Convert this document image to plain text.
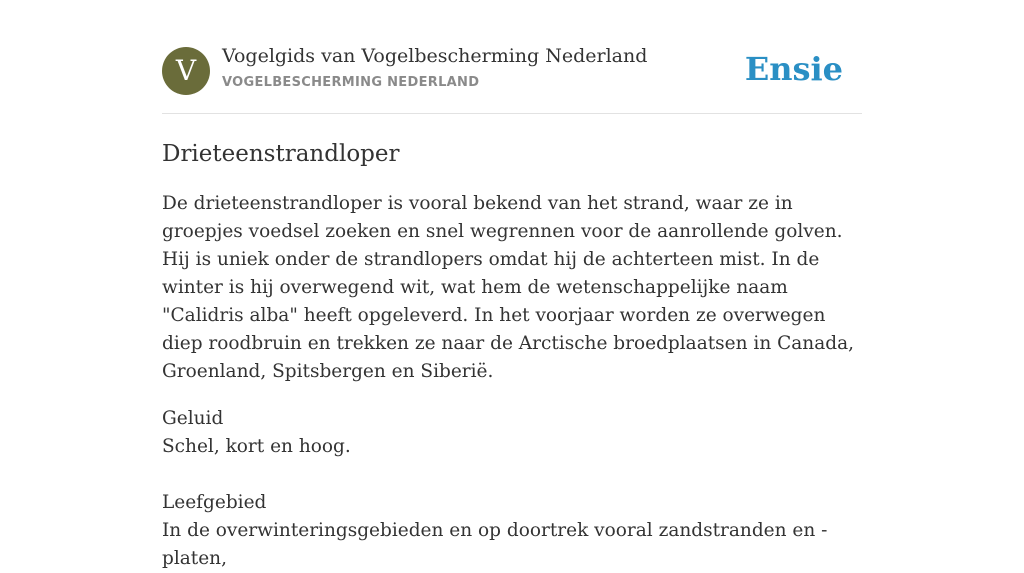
V	Vogelgids van Vogelbescherming Nederland
VOGELBESCHERMING NEDERLAND	Ensie
Drieteenstrandloper

De drieteenstrandloper is vooral bekend van het strand, waar ze in groepjes voedsel zoeken en snel wegrennen voor de aanrollende golven. Hij is uniek onder de strandlopers omdat hij de achterteen mist. In de winter is hij overwegend wit, wat hem de wetenschappelijke naam "Calidris alba" heeft opgeleverd. In het voorjaar worden ze overwegen diep roodbruin en trekken ze naar de Arctische broedplaatsen in Canada, Groenland, Spitsbergen en Siberië.

Geluid
Schel, kort en hoog.
Leefgebied
In de overwinteringsgebieden en op doortrek vooral zandstranden en -platen,
